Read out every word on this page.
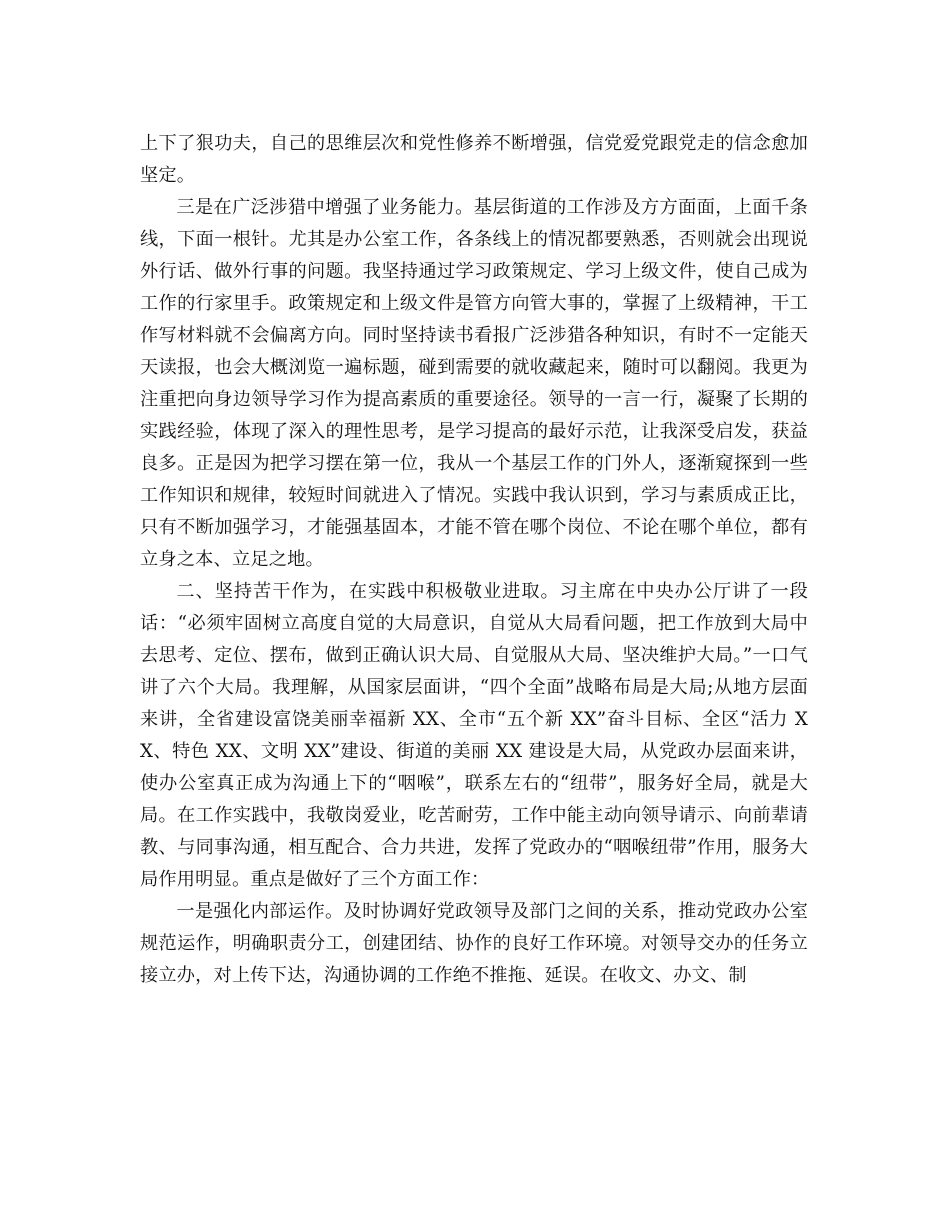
上下了狠功夫，自己的思维层次和党性修养不断增强，信党爱党跟党走的信念愈加坚定。

三是在广泛涉猎中增强了业务能力。基层街道的工作涉及方方面面，上面千条线，下面一根针。尤其是办公室工作，各条线上的情况都要熟悉，否则就会出现说外行话、做外行事的问题。我坚持通过学习政策规定、学习上级文件，使自己成为工作的行家里手。政策规定和上级文件是管方向管大事的，掌握了上级精神，干工作写材料就不会偏离方向。同时坚持读书看报广泛涉猎各种知识，有时不一定能天天读报，也会大概浏览一遍标题，碰到需要的就收藏起来，随时可以翻阅。我更为注重把向身边领导学习作为提高素质的重要途径。领导的一言一行，凝聚了长期的实践经验，体现了深入的理性思考，是学习提高的最好示范，让我深受启发，获益良多。正是因为把学习摆在第一位，我从一个基层工作的门外人，逐渐窥探到一些工作知识和规律，较短时间就进入了情况。实践中我认识到，学习与素质成正比，只有不断加强学习，才能强基固本，才能不管在哪个岗位、不论在哪个单位，都有立身之本、立足之地。

二、坚持苦干作为，在实践中积极敬业进取。习主席在中央办公厅讲了一段话：“必须牢固树立高度自觉的大局意识，自觉从大局看问题，把工作放到大局中去思考、定位、摆布，做到正确认识大局、自觉服从大局、坚决维护大局。”一口气讲了六个大局。我理解，从国家层面讲，“四个全面”战略布局是大局;从地方层面来讲，全省建设富饶美丽幸福新 XX、全市“五个新 XX”奋斗目标、全区“活力 XX、特色 XX、文明 XX”建设、街道的美丽 XX 建设是大局，从党政办层面来讲，使办公室真正成为沟通上下的“咽喉”，联系左右的“纽带”，服务好全局，就是大局。在工作实践中，我敬岗爱业，吃苦耐劳，工作中能主动向领导请示、向前辈请教、与同事沟通，相互配合、合力共进，发挥了党政办的“咽喉纽带”作用，服务大局作用明显。重点是做好了三个方面工作：

一是强化内部运作。及时协调好党政领导及部门之间的关系，推动党政办公室规范运作，明确职责分工，创建团结、协作的良好工作环境。对领导交办的任务立接立办，对上传下达，沟通协调的工作绝不推拖、延误。在收文、办文、制
